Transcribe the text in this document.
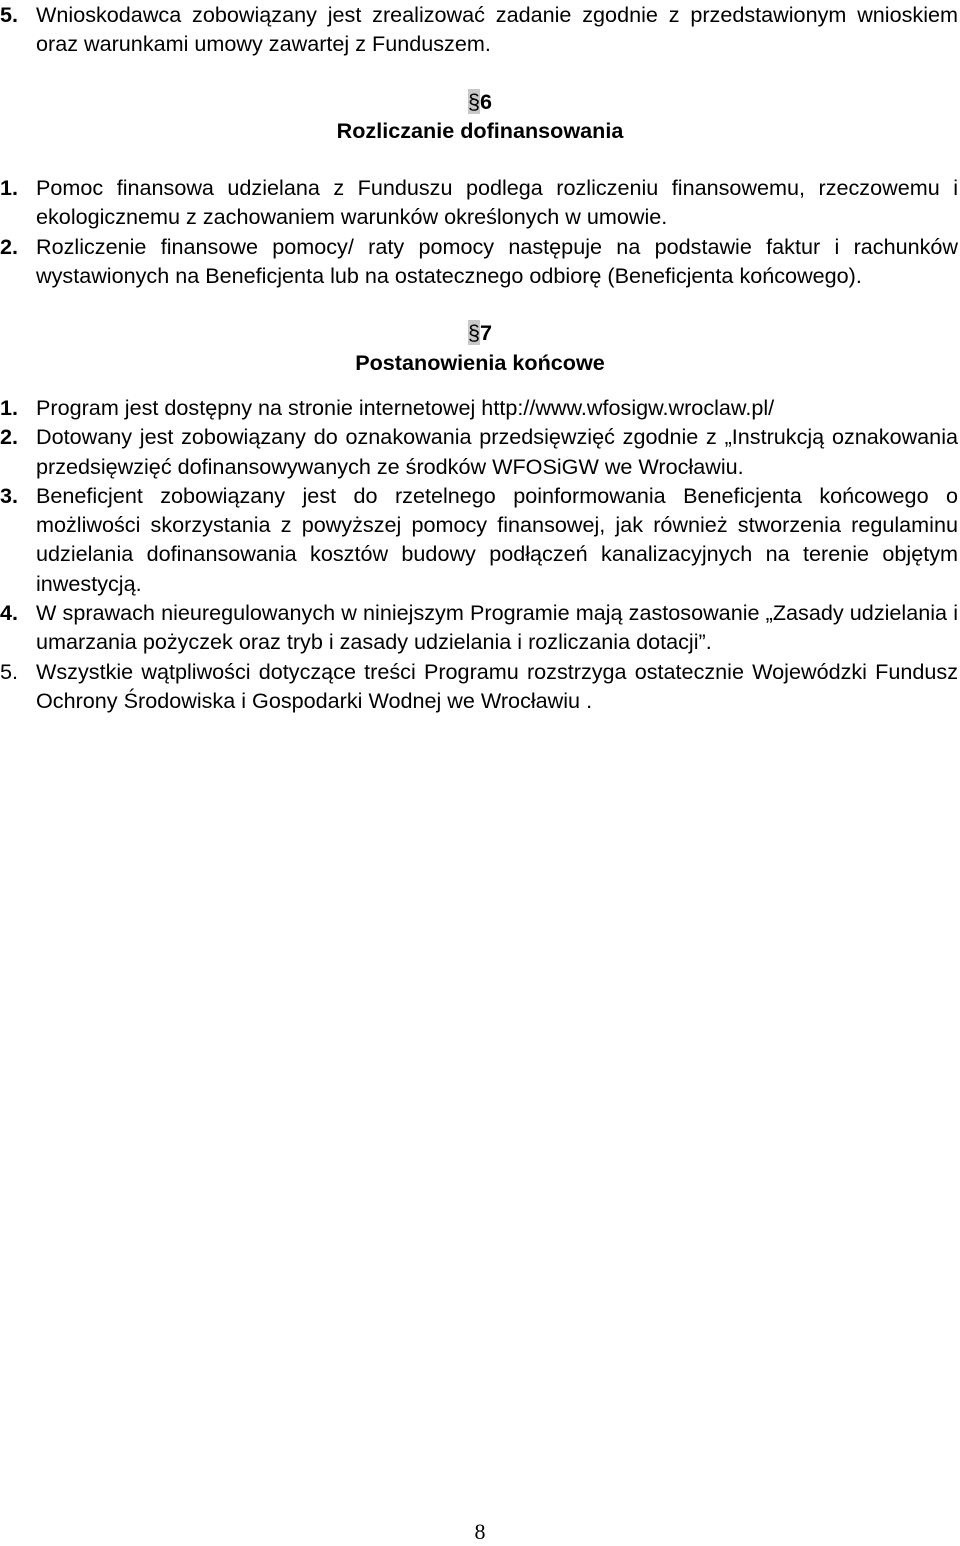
5. Wnioskodawca zobowiązany jest zrealizować zadanie zgodnie z przedstawionym wnioskiem oraz warunkami umowy zawartej z Funduszem.
§6
Rozliczanie dofinansowania
1. Pomoc finansowa udzielana z Funduszu podlega rozliczeniu finansowemu, rzeczowemu i ekologicznemu z zachowaniem warunków określonych w umowie.
2. Rozliczenie finansowe pomocy/ raty pomocy następuje na podstawie faktur i rachunków wystawionych na Beneficjenta lub na ostatecznego odbiorę (Beneficjenta końcowego).
§7
Postanowienia końcowe
1. Program jest dostępny na stronie internetowej http://www.wfosigw.wroclaw.pl/
2. Dotowany jest zobowiązany do oznakowania przedsięwzięć zgodnie z „Instrukcją oznakowania przedsięwzięć dofinansowywanych ze środków WFOSiGW we Wrocławiu.
3. Beneficjent zobowiązany jest do rzetelnego poinformowania Beneficjenta końcowego o możliwości skorzystania z powyższej pomocy finansowej, jak również stworzenia regulaminu udzielania dofinansowania kosztów budowy podłączeń kanalizacyjnych na terenie objętym inwestycją.
4. W sprawach nieuregulowanych w niniejszym Programie mają zastosowanie „Zasady udzielania i umarzania pożyczek oraz tryb i zasady udzielania i rozliczania dotacji”.
5. Wszystkie wątpliwości dotyczące treści Programu rozstrzyga ostatecznie Wojewódzki Fundusz Ochrony Środowiska i Gospodarki Wodnej we Wrocławiu .
8
